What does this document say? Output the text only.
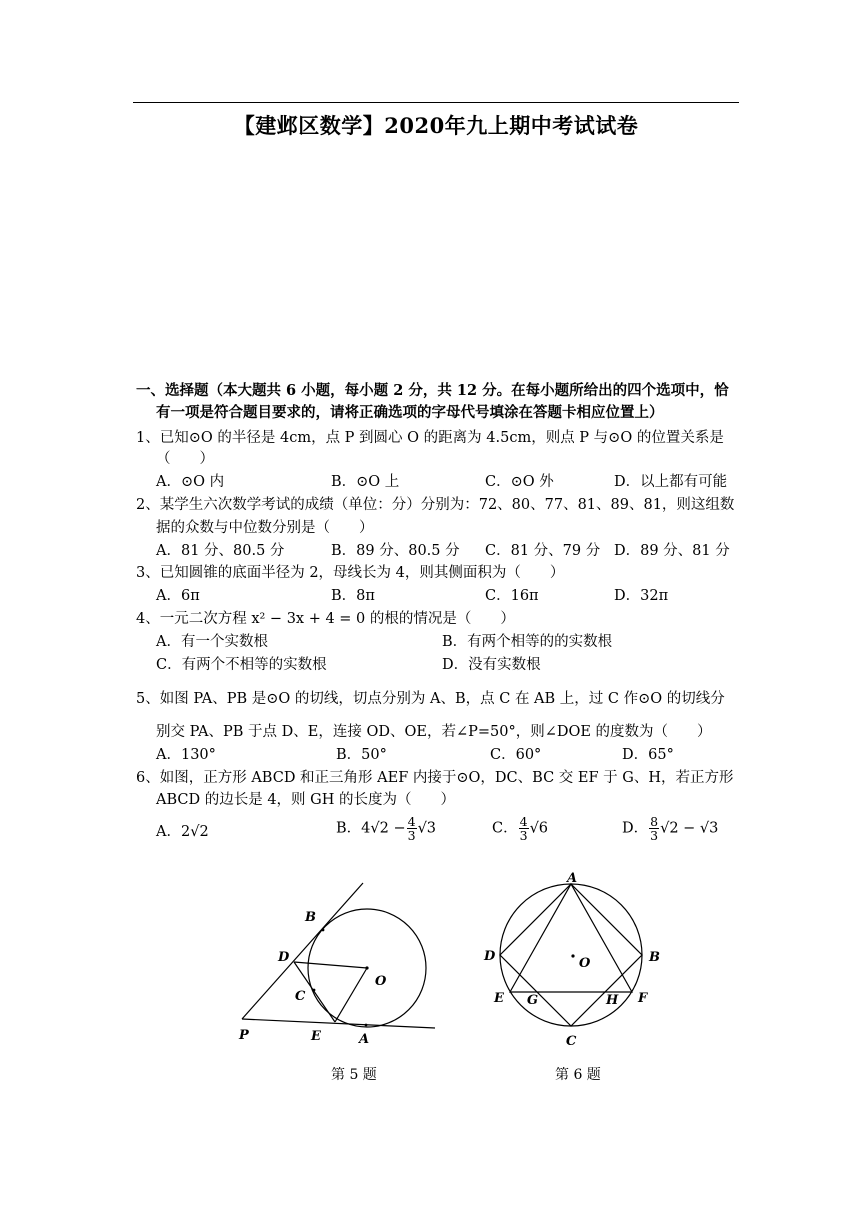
【建邺区数学】2020年九上期中考试试卷
一、选择题（本大题共 6 小题，每小题 2 分，共 12 分。在每小题所给出的四个选项中，恰
有一项是符合题目要求的，请将正确选项的字母代号填涂在答题卡相应位置上）
1、已知⊙O 的半径是 4cm，点 P 到圆心 O 的距离为 4.5cm，则点 P 与⊙O 的位置关系是
（　　）
A．⊙O 内	B．⊙O 上	C．⊙O 外	D．以上都有可能
2、某学生六次数学考试的成绩（单位：分）分别为：72、80、77、81、89、81，则这组数
据的众数与中位数分别是（　　）
A．81 分、80.5 分	B．89 分、80.5 分 C．81 分、79 分 D．89 分、81 分
3、已知圆锥的底面半径为 2，母线长为 4，则其侧面积为（　　）
A．6π	B．8π	C．16π	D．32π
4、一元二次方程 x² − 3x + 4 = 0 的根的情况是（　　）
A．有一个实数根	B．有两个相等的的实数根
C．有两个不相等的实数根	D．没有实数根
5、如图 PA、PB 是⊙O 的切线，切点分别为 A、B，点 C 在 AB 上，过 C 作⊙O 的切线分
别交 PA、PB 于点 D、E，连接 OD、OE，若∠P=50°，则∠DOE 的度数为（　　）
A．130°	B．50°	C．60°	D．65°
6、如图，正方形 ABCD 和正三角形 AEF 内接于⊙O，DC、BC 交 EF 于 G、H，若正方形
ABCD 的边长是 4，则 GH 的长度为（　　）
A．2√2	B．$4√2 - \frac{4}{3} √3$	C． $\frac{4}{3} √6$	D． $\frac{8}{3} √2 - √3$
B
D
O
C
P	E	A
A
D	B
O
E G	H F
C
第 5 题	第 6 题
